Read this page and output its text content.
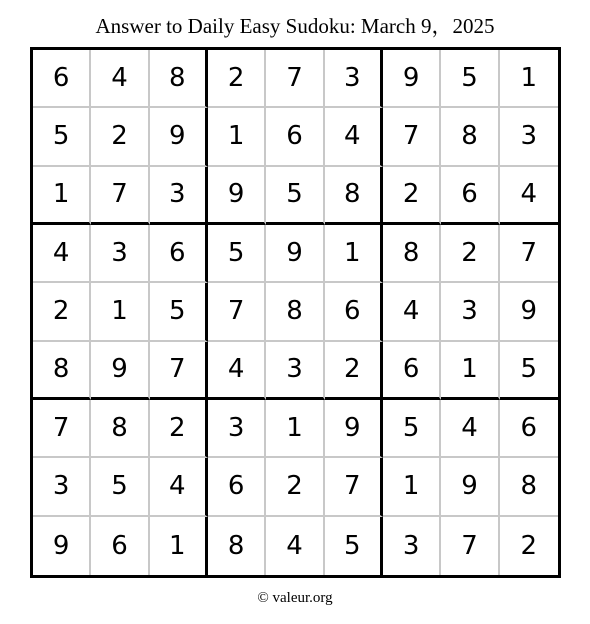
Answer to Daily Easy Sudoku: March 9，2025
6	4	8	2	7	3	9	5	1
5	2	9	1	6	4	7	8	3
1	7	3	9	5	8	2	6	4
4	3	6	5	9	1	8	2	7
2	1	5	7	8	6	4	3	9
8	9	7	4	3	2	6	1	5
7	8	2	3	1	9	5	4	6
3	5	4	6	2	7	1	9	8
9	6	1	8	4	5	3	7	2
© valeur.org
